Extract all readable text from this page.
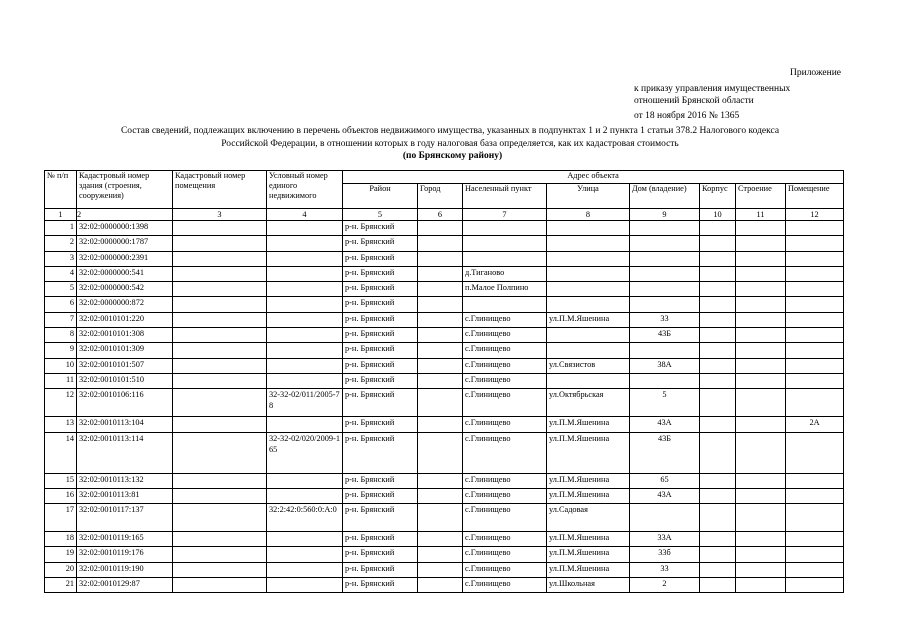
Приложение
к приказу управления имущественных
отношений Брянской области
от 18 ноября 2016 № 1365
Состав сведений, подлежащих включению в перечень объектов недвижимого имущества, указанных в подпунктах 1 и 2 пункта 1 статьи 378.2 Налогового кодекса Российской Федерации, в отношении которых в году налоговая база определяется, как их кадастровая стоимость
(по Брянскому району)
№ п/п	Кадастровый номер здания (строения, сооружения)	Кадастровый номер помещения	Условный номер единого недвижимого	Адрес объекта							
				Район	Город	Населенный пункт	Улица	Дом (владение)	Корпус	Строение	Помещение
1	2	3	4	5	6	7	8	9	10	11	12
1	32:02:0000000:1398			р-н. Брянский							
2	32:02:0000000:1787			р-н. Брянский							
3	32:02:0000000:2391			р-н. Брянский							
4	32:02:0000000:541			р-н. Брянский		д.Тиганово					
5	32:02:0000000:542			р-н. Брянский		п.Малое Полпино					
6	32:02:0000000:872			р-н. Брянский							
7	32:02:0010101:220			р-н. Брянский		с.Глинищево	ул.П.М.Яшенина	33			
8	32:02:0010101:308			р-н. Брянский		с.Глинищево		43Б			
9	32:02:0010101:309			р-н. Брянский		с.Глинищево					
10	32:02:0010101:507			р-н. Брянский		с.Глинищево	ул.Связистов	38А			
11	32:02:0010101:510			р-н. Брянский		с.Глинищево					
12	32:02:0010106:116		32-32-02/011/2005-78	р-н. Брянский		с.Глинищево	ул.Октябрьская	5			
13	32:02:0010113:104			р-н. Брянский		с.Глинищево	ул.П.М.Яшенина	43А			2А
14	32:02:0010113:114		32-32-02/020/2009-165	р-н. Брянский		с.Глинищево	ул.П.М.Яшенина	43Б			
15	32:02:0010113:132			р-н. Брянский		с.Глинищево	ул.П.М.Яшенина	65			
16	32:02:0010113:81			р-н. Брянский		с.Глинищево	ул.П.М.Яшенина	43А			
17	32:02:0010117:137		32:2:42:0:560:0:А:0	р-н. Брянский		с.Глинищево	ул.Садовая				
18	32:02:0010119:165			р-н. Брянский		с.Глинищево	ул.П.М.Яшенина	33А			
19	32:02:0010119:176			р-н. Брянский		с.Глинищево	ул.П.М.Яшенина	33б			
20	32:02:0010119:190			р-н. Брянский		с.Глинищево	ул.П.М.Яшенина	33			
21	32:02:0010129:87			р-н. Брянский		с.Глинищево	ул.Школьная	2			
